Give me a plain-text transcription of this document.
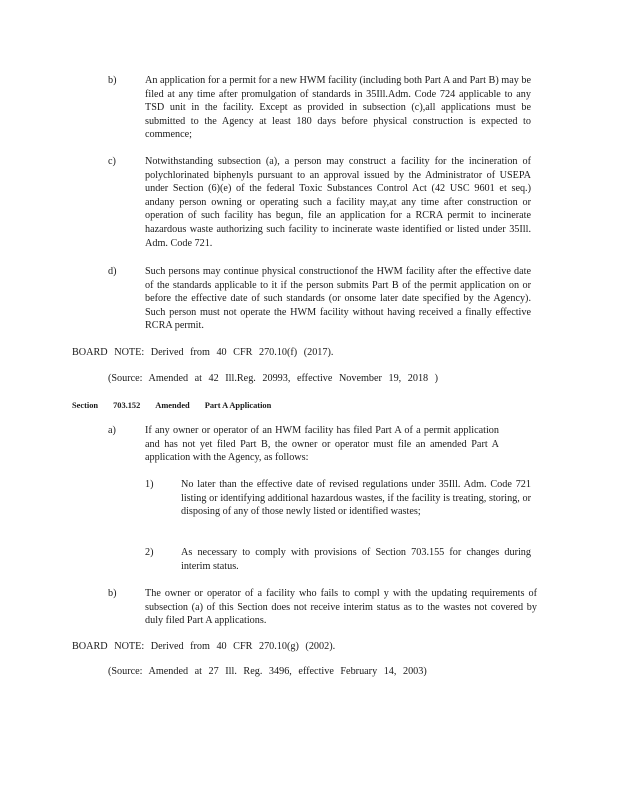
b)	An application for a permit for a new HWM facility (including both Part A and Part B) may be filed at any time after promulgation of standards in 35Ill.Adm. Code 724 applicable to any TSD unit in the facility. Except as provided in subsection (c),all applications must be submitted to the Agency at least 180 days before physical construction is expected to commence;
c)	Notwithstanding subsection (a), a person may construct a facility for the incineration of polychlorinated biphenyls pursuant to an approval issued by the Administrator of USEPA under Section (6)(e) of the federal Toxic Substances Control Act (42 USC 9601 et seq.) andany person owning or operating such a facility may,at any time after construction or operation of such facility has begun, file an application for a RCRA permit to incinerate hazardous waste authorizing such facility to incinerate waste identified or listed under 35Ill. Adm. Code 721.
d)	Such persons may continue physical constructionof the HWM facility after the effective date of the standards applicable to it if the person submits Part B of the permit application on or before the effective date of such standards (or onsome later date specified by the Agency). Such person must not operate the HWM facility without having received a finally effective RCRA permit.
BOARD NOTE: Derived from 40 CFR 270.10(f) (2017).
(Source: Amended at 42 Ill.Reg. 20993, effective November 19, 2018 )
Section 703.152 Amended Part A Application
a)	If any owner or operator of an HWM facility has filed Part A of a permit application and has not yet filed Part B, the owner or operator must file an amended Part A application with the Agency, as follows:
1)	No later than the effective date of revised regulations under 35Ill. Adm. Code 721 listing or identifying additional hazardous wastes, if the facility is treating, storing, or disposing of any of those newly listed or identified wastes;
2)	As necessary to comply with provisions of Section 703.155 for changes during interim status.
b)	The owner or operator of a facility who fails to compl y with the updating requirements of subsection (a) of this Section does not receive interim status as to the wastes not covered by duly filed Part A applications.
BOARD NOTE: Derived from 40 CFR 270.10(g) (2002).
(Source: Amended at 27 Ill. Reg. 3496, effective February 14, 2003)
